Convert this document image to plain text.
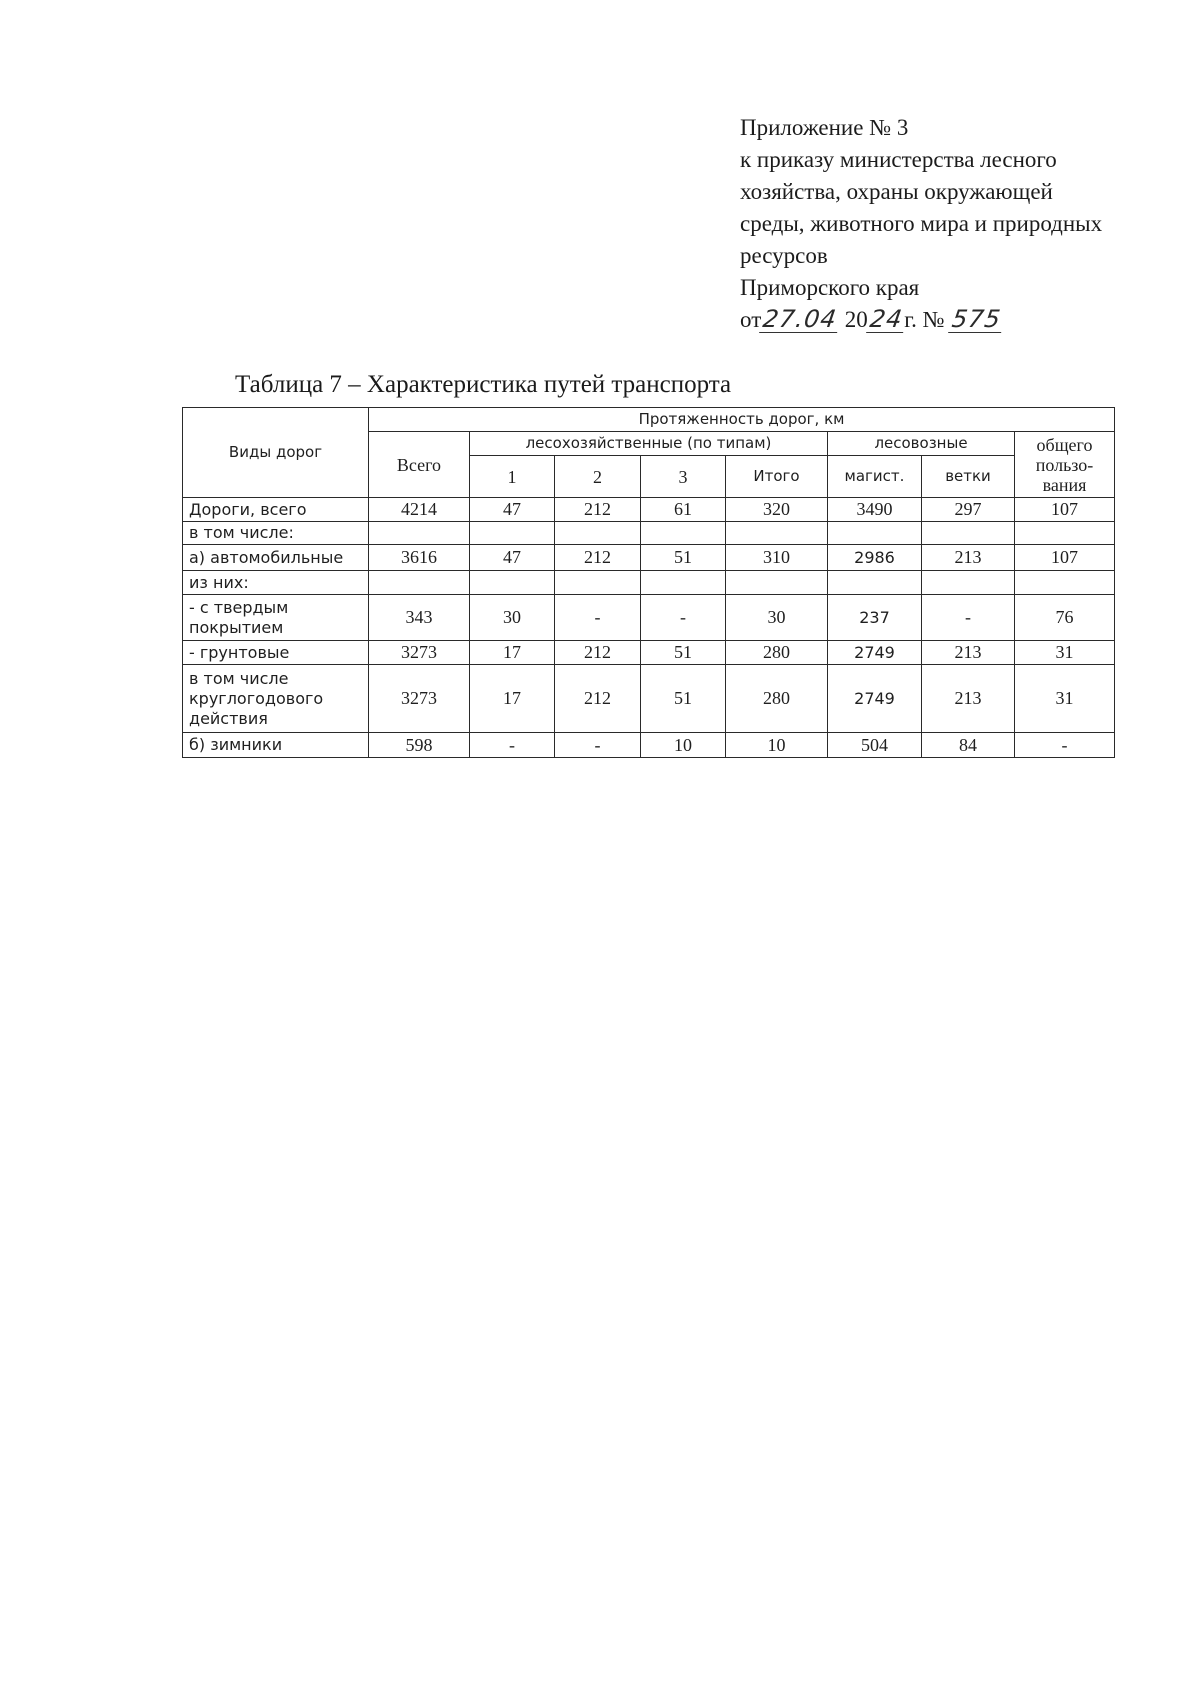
Приложение № 3
к приказу министерства лесного
хозяйства, охраны окружающей
среды, животного мира и природных
ресурсов
Приморского края
от27.04 2024г. № 575
Таблица 7 – Характеристика путей транспорта
Виды дорог	Протяженность дорог, км							
	Всего	лесохозяйственные (по типам)				лесовозные		общего пользо-вания
		1	2	3	Итого	магист.	ветки	
Дороги, всего	4214	47	212	61	320	3490	297	107
в том числе:								
а) автомобильные	3616	47	212	51	310	2986	213	107
из них:								
- с твердым покрытием	343	30	-	-	30	237	-	76
- грунтовые	3273	17	212	51	280	2749	213	31
в том числе круглогодового действия	3273	17	212	51	280	2749	213	31
б) зимники	598	-	-	10	10	504	84	-
